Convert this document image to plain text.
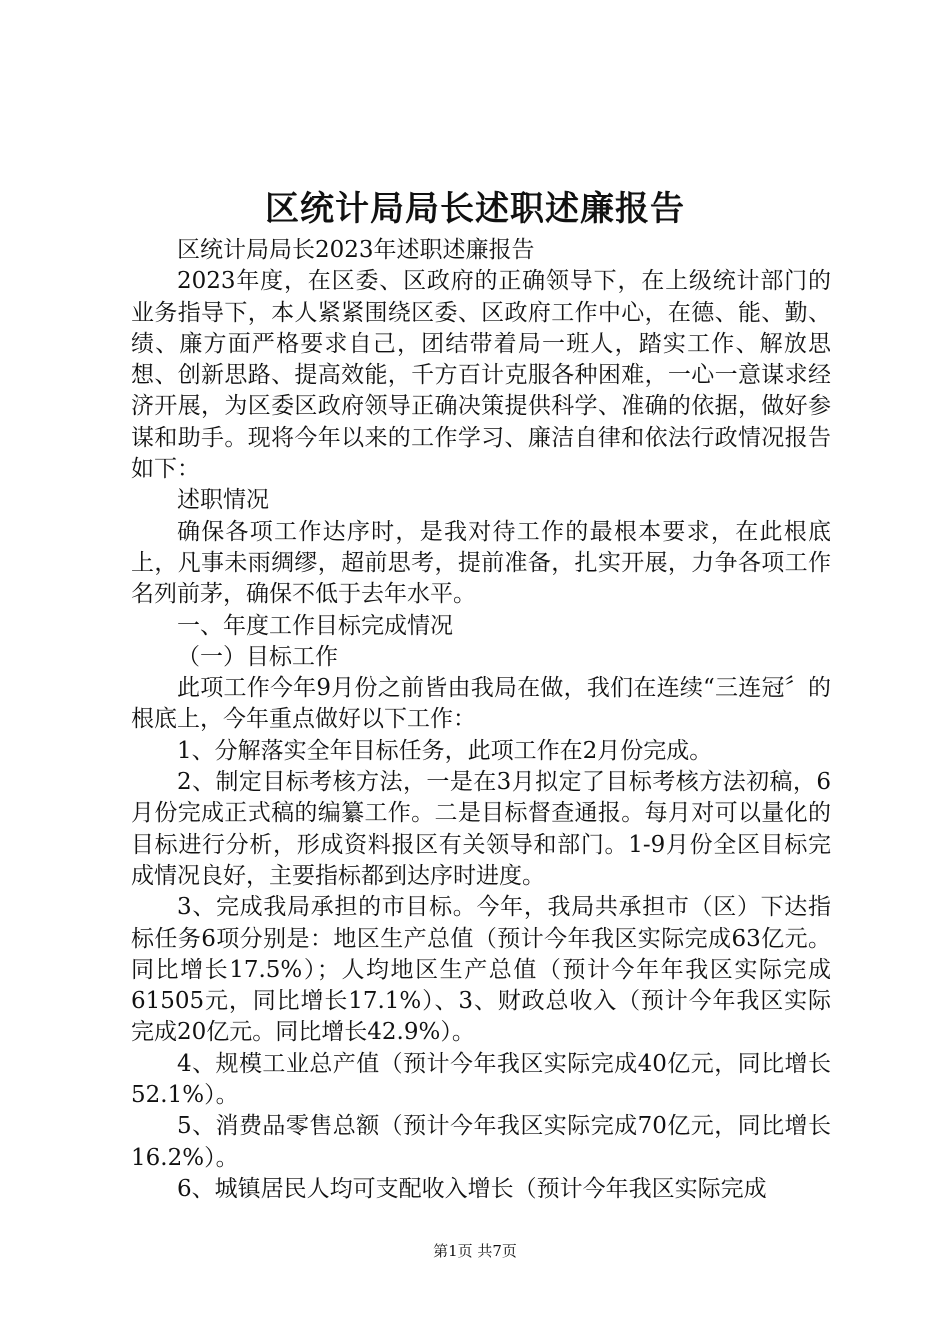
区统计局局长述职述廉报告

区统计局局长2023年述职述廉报告

2023年度，在区委、区政府的正确领导下，在上级统计部门的业务指导下，本人紧紧围绕区委、区政府工作中心，在德、能、勤、绩、廉方面严格要求自己，团结带着局一班人，踏实工作、解放思想、创新思路、提高效能，千方百计克服各种困难，一心一意谋求经济开展，为区委区政府领导正确决策提供科学、准确的依据，做好参谋和助手。现将今年以来的工作学习、廉洁自律和依法行政情况报告如下：

述职情况

确保各项工作达序时，是我对待工作的最根本要求，在此根底上，凡事未雨绸缪，超前思考，提前准备，扎实开展，力争各项工作名列前茅，确保不低于去年水平。

一、年度工作目标完成情况

（一）目标工作

此项工作今年9月份之前皆由我局在做，我们在连续“三连冠〞的根底上，今年重点做好以下工作：

1、分解落实全年目标任务，此项工作在2月份完成。

2、制定目标考核方法，一是在3月拟定了目标考核方法初稿，6月份完成正式稿的编纂工作。二是目标督查通报。每月对可以量化的目标进行分析，形成资料报区有关领导和部门。1-9月份全区目标完成情况良好，主要指标都到达序时进度。

3、完成我局承担的市目标。今年，我局共承担市（区）下达指标任务6项分别是：地区生产总值（预计今年我区实际完成63亿元。同比增长17.5%）；人均地区生产总值（预计今年年我区实际完成61505元，同比增长17.1%）、3、财政总收入（预计今年我区实际完成20亿元。同比增长42.9%）。

4、规模工业总产值（预计今年我区实际完成40亿元，同比增长52.1%）。

5、消费品零售总额（预计今年我区实际完成70亿元，同比增长16.2%）。

6、城镇居民人均可支配收入增长（预计今年我区实际完成

第1页 共7页
